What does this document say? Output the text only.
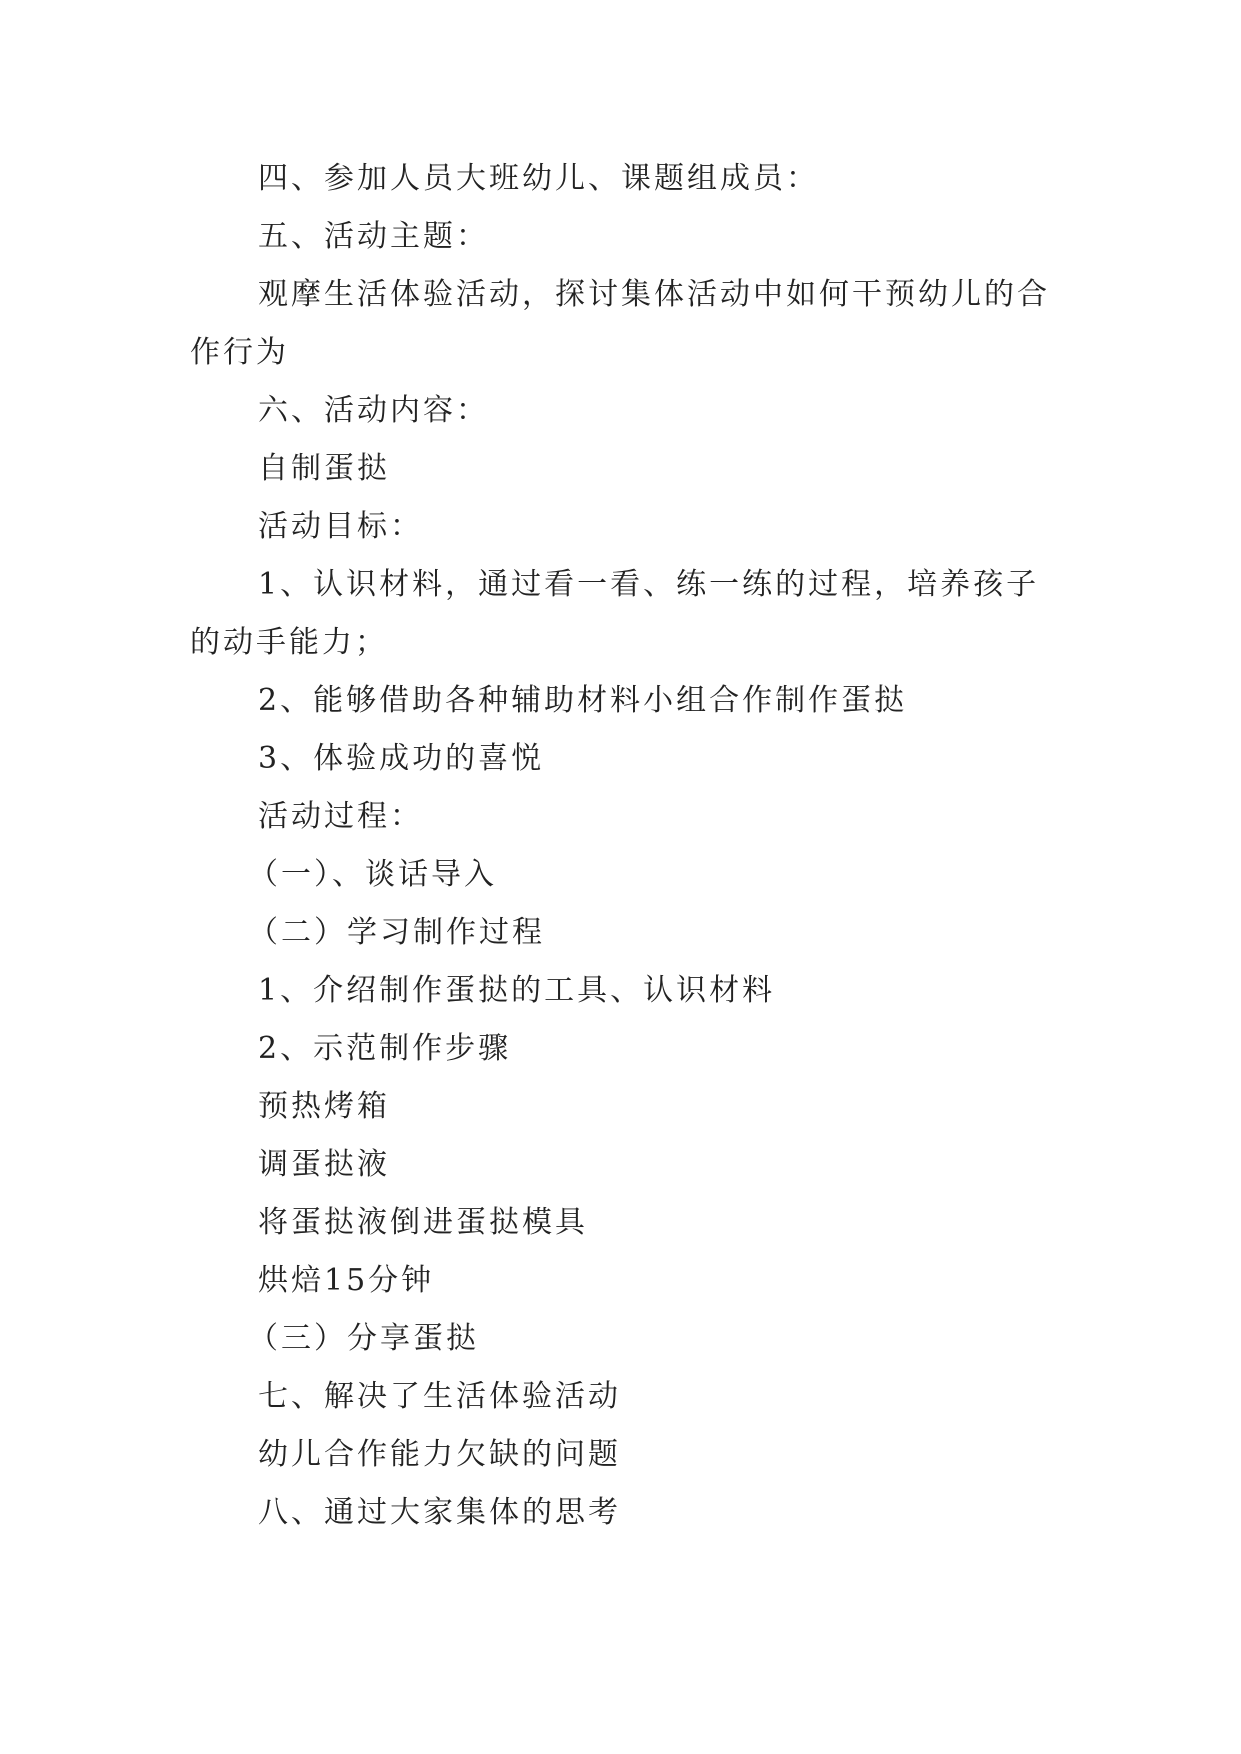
四、参加人员大班幼儿、课题组成员：
五、活动主题：
观摩生活体验活动，探讨集体活动中如何干预幼儿的合作行为
六、活动内容：
自制蛋挞
活动目标：
1、认识材料，通过看一看、练一练的过程，培养孩子的动手能力；
2、能够借助各种辅助材料小组合作制作蛋挞
3、体验成功的喜悦
活动过程：
（一）、谈话导入
（二）学习制作过程
1、介绍制作蛋挞的工具、认识材料
2、示范制作步骤
预热烤箱
调蛋挞液
将蛋挞液倒进蛋挞模具
烘焙15分钟
（三）分享蛋挞
七、解决了生活体验活动
幼儿合作能力欠缺的问题
八、通过大家集体的思考
